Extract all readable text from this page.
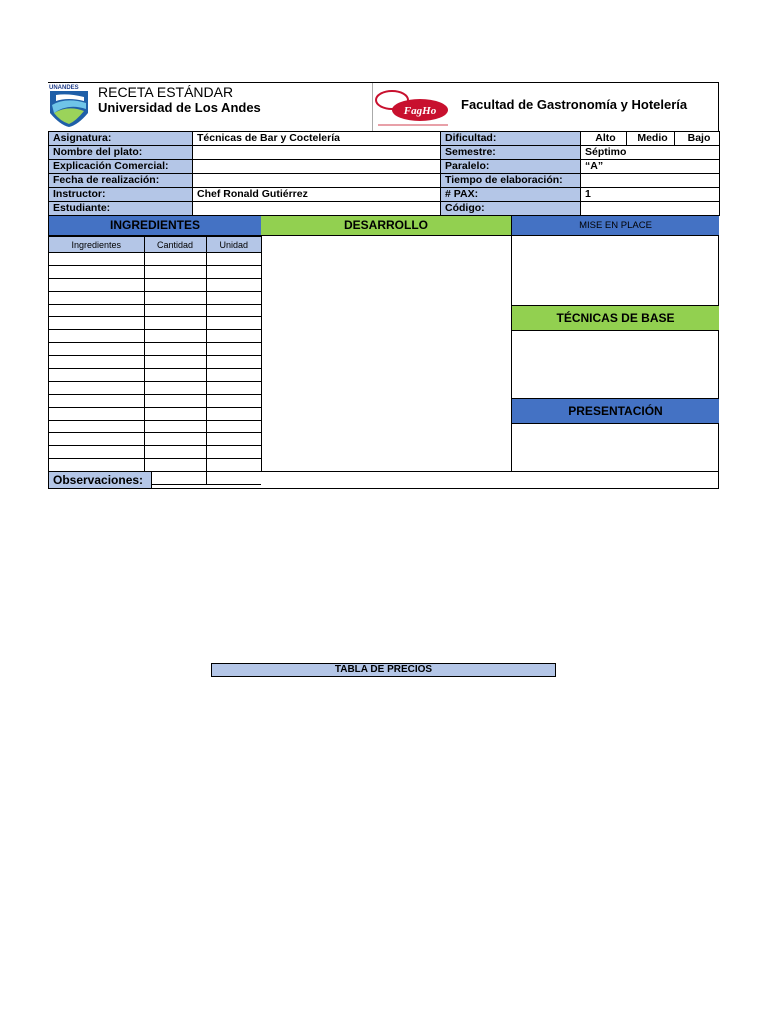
UNANDES RECETA ESTÁNDAR
Universidad de Los Andes	FagHo Facultad de Gastronomía y Hotelería
Asignatura:	Técnicas de Bar y Coctelería	Dificultad:	Alto	Medio	Bajo
Nombre del plato:		Semestre:	Séptimo		
Explicación Comercial:		Paralelo:	“A”		
Fecha de realización:		Tiempo de elaboración:			
Instructor:	Chef Ronald Gutiérrez	# PAX:	1		
Estudiante:		Código:			
INGREDIENTES
Ingredientes	Cantidad	Unidad

DESARROLLO	MISE EN PLACE
TÉCNICAS DE BASE
PRESENTACIÓN
Observaciones:
TABLA DE PRECIOS
